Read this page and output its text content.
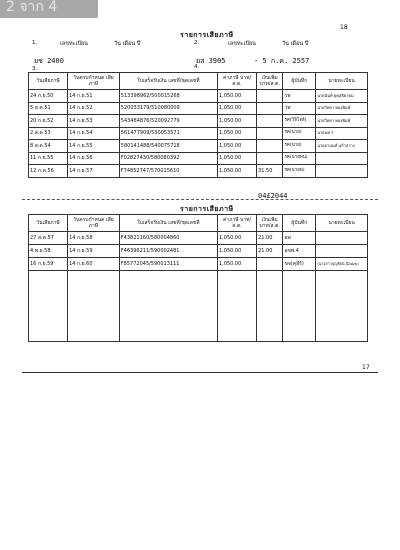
2 จาก 4
18
รายการเสียภาษี
1.	เลขทะเบียน	วัน เดือน ปี	2.	เลขทะเบียน	วัน เดือน ปี
ยช 2400	ยส 3905	- 5 ก.ค. 2557
3.	4.
วันเสียภาษี	วันครบกำหนด เสียภาษี	ใบเสร็จรับเงิน เลขที่/ชุดเลขที่	ค่าภาษี บาท/ส.ต.	เงินเพิ่ม บาท/ส.ต.	ผู้บันทึก	นายทะเบียน
24 ก.ย.50	14 ก.ย.51	513398962/500015268	1,050.00		วท	นายนันท์ ยุคสุธิยาคม
5 ส.ค.51	14 ก.ย.52	520033179/510080009	1,050.00		วท	นายวิทยา ทองพิมพ์
20 ก.ย.52	14 ก.ย.53	543484876/520092779	1,050.00		รค(วิจิโจล์)	นายวิทยา ทองพิมพ์
2 ส.ค.53	14 ก.ย.54	561477909/530053571	1,050.00		รค(นาย)	นายนพ ร
8 ส.ค.54	14 ก.ย.55	580141488/540075718	1,050.00		รค(นาย)	นายอานนท์ แก้วสว่าง
11 ก.ย.55	14 ก.ย.56	F02827430/580080392	1,050.00		รค(นายพน)	
12 ก.ค.56	14 ก.ย.57	F74852747/570015610	1,050.00	31.50	รค(นายพ)	
04£2044
รายการเสียภาษี
วันเสียภาษี	วันครบกำหนด เสียภาษี	ใบเสร็จรับเงิน เลขที่/ชุดเลขที่	ค่าภาษี บาท/ส.ต.	เงินเพิ่ม บาท/ส.ต.	ผู้บันทึก	นายทะเบียน
27 ส.ค.57	14 ก.ย.58	F43821160/580004860	1,050.00	21.00	อท	
4 พ.ย.58	14 ก.ย.59	F46396211/590002481	1,050.00	21.00	อขพ.4	
16 ก.ย.59	14 ก.ย.60	F85772045/590013111	1,050.00		ขจ(คุลีร์)	(นางสาวบุญรัตน์ นิลเมฆ)

17
